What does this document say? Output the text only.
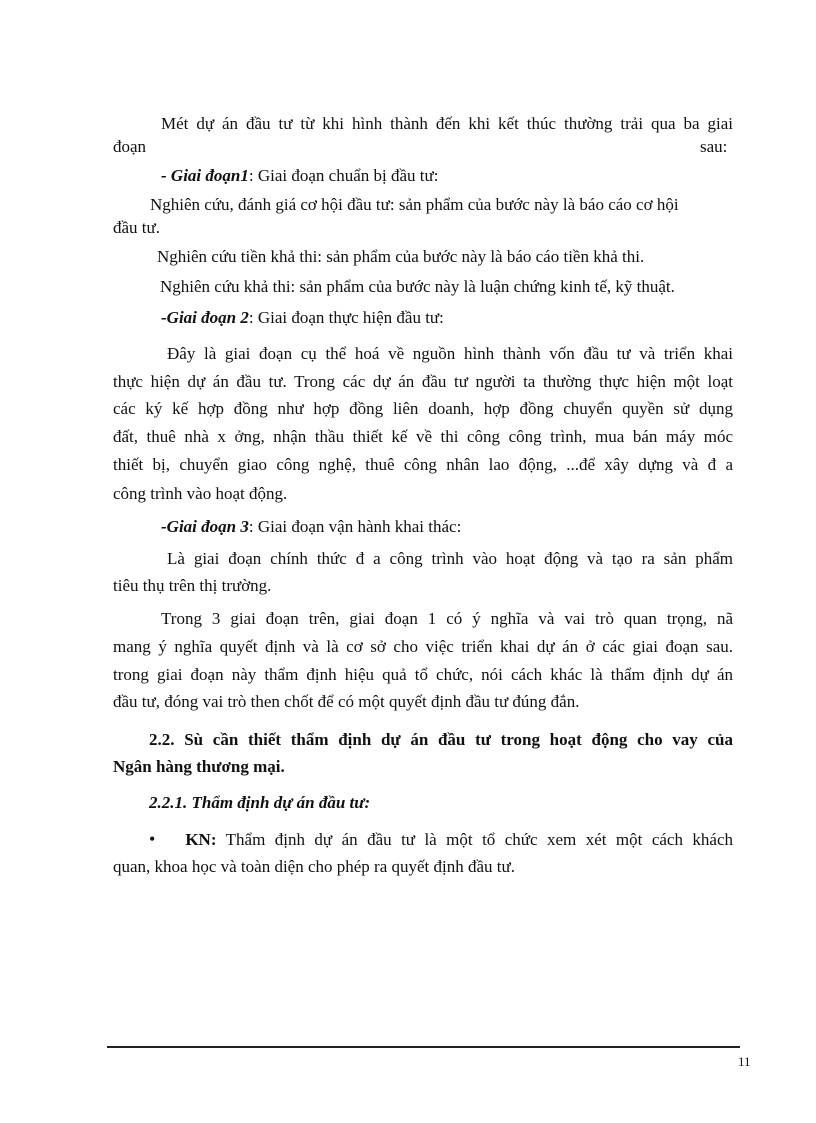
Mét dự án đầu tư từ khi hình thành đến khi kết thúc thường trải qua ba giai
đoạn	sau:
- Giai đoạn1: Giai đoạn chuẩn bị đầu tư:
Nghiên cứu, đánh giá cơ hội đầu tư: sản phẩm của bước này là báo cáo cơ hội
đầu tư.
Nghiên cứu tiền khả thi: sản phẩm của bước này là báo cáo tiền khả thi.
Nghiên cứu khả thi: sản phẩm của bước này là luận chứng kinh tế, kỹ thuật.
-Giai đoạn 2: Giai đoạn thực hiện đầu tư:
Đây là giai đoạn cụ thể hoá về nguồn hình thành vốn đầu tư và triển khai
thực hiện dự án đầu tư. Trong các dự án đầu tư người ta thường thực hiện một loạt
các ký kế hợp đồng như hợp đồng liên doanh, hợp đồng chuyển quyền sử dụng
đất, thuê nhà x ởng, nhận thầu thiết kế về thi công công trình, mua bán máy móc
thiết bị, chuyển giao công nghệ, thuê công nhân lao động, ...để xây dựng và đ a
công trình vào hoạt động.
-Giai đoạn 3: Giai đoạn vận hành khai thác:
Là giai đoạn chính thức đ a công trình vào hoạt động và tạo ra sản phẩm
tiêu thụ trên thị trường.
Trong 3 giai đoạn trên, giai đoạn 1 có ý nghĩa và vai trò quan trọng, nã
mang ý nghĩa quyết định và là cơ sở cho việc triển khai dự án ở các giai đoạn sau.
trong giai đoạn này thẩm định hiệu quả tổ chức, nói cách khác là thẩm định dự án
đầu tư, đóng vai trò then chốt để có một quyết định đầu tư đúng đắn.
2.2. Sù cần thiết thẩm định dự án đầu tư trong hoạt động cho vay của
Ngân hàng thương mại.
2.2.1. Thẩm định dự án đầu tư:
• KN: Thẩm định dự án đầu tư là một tổ chức xem xét một cách khách
quan, khoa học và toàn diện cho phép ra quyết định đầu tư.
11
